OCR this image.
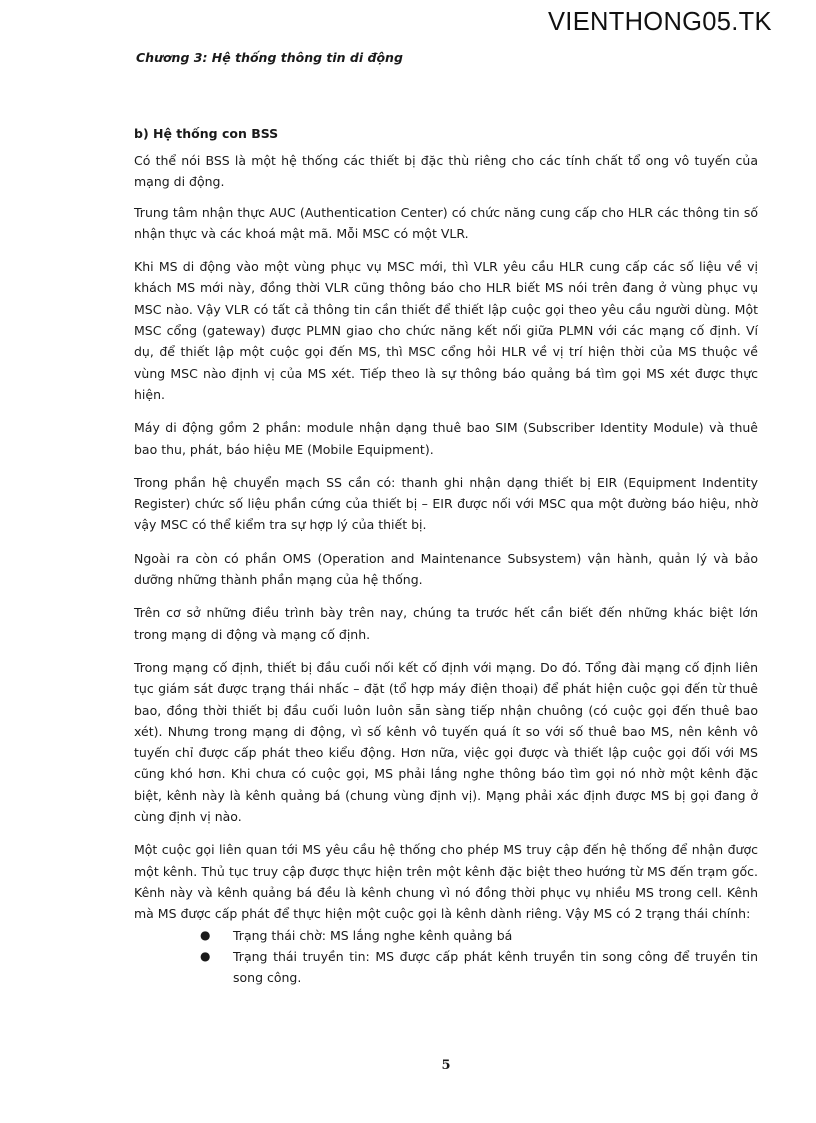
VIENTHONG05.TK
Chương 3: Hệ thống thông tin di động
b) Hệ thống con BSS

Có thể nói BSS là một hệ thống các thiết bị đặc thù riêng cho các tính chất tổ ong vô tuyến của mạng di động.

Trung tâm nhận thực AUC (Authentication Center) có chức năng cung cấp cho HLR các thông tin số nhận thực và các khoá mật mã. Mỗi MSC có một VLR.

Khi MS di động vào một vùng phục vụ MSC mới, thì VLR yêu cầu HLR cung cấp các số liệu về vị khách MS mới này, đồng thời VLR cũng thông báo cho HLR biết MS nói trên đang ở vùng phục vụ MSC nào. Vậy VLR có tất cả thông tin cần thiết để thiết lập cuộc gọi theo yêu cầu người dùng. Một MSC cổng (gateway) được PLMN giao cho chức năng kết nối giữa PLMN với các mạng cố định. Ví dụ, để thiết lập một cuộc gọi đến MS, thì MSC cổng hỏi HLR về vị trí hiện thời của MS thuộc về vùng MSC nào định vị của MS xét. Tiếp theo là sự thông báo quảng bá tìm gọi MS xét được thực hiện.

Máy di động gồm 2 phần: module nhận dạng thuê bao SIM (Subscriber Identity Module) và thuê bao thu, phát, báo hiệu ME (Mobile Equipment).

Trong phần hệ chuyển mạch SS cần có: thanh ghi nhận dạng thiết bị EIR (Equipment Indentity Register) chức số liệu phần cứng của thiết bị – EIR được nối với MSC qua một đường báo hiệu, nhờ vậy MSC có thể kiểm tra sự hợp lý của thiết bị.

Ngoài ra còn có phần OMS (Operation and Maintenance Subsystem) vận hành, quản lý và bảo dưỡng những thành phần mạng của hệ thống.

Trên cơ sở những điều trình bày trên nay, chúng ta trước hết cần biết đến những khác biệt lớn trong mạng di động và mạng cố định.

Trong mạng cố định, thiết bị đầu cuối nối kết cố định với mạng. Do đó. Tổng đài mạng cố định liên tục giám sát được trạng thái nhấc – đặt (tổ hợp máy điện thoại) để phát hiện cuộc gọi đến từ thuê bao, đồng thời thiết bị đầu cuối luôn luôn sẵn sàng tiếp nhận chuông (có cuộc gọi đến thuê bao xét). Nhưng trong mạng di động, vì số kênh vô tuyến quá ít so với số thuê bao MS, nên kênh vô tuyến chỉ được cấp phát theo kiểu động. Hơn nữa, việc gọi được và thiết lập cuộc gọi đối với MS cũng khó hơn. Khi chưa có cuộc gọi, MS phải lắng nghe thông báo tìm gọi nó nhờ một kênh đặc biệt, kênh này là kênh quảng bá (chung vùng định vị). Mạng phải xác định được MS bị gọi đang ở cùng định vị nào.

Một cuộc gọi liên quan tới MS yêu cầu hệ thống cho phép MS truy cập đến hệ thống để nhận được một kênh. Thủ tục truy cập được thực hiện trên một kênh đặc biệt theo hướng từ MS đến trạm gốc. Kênh này và kênh quảng bá đều là kênh chung vì nó đồng thời phục vụ nhiều MS trong cell. Kênh mà MS được cấp phát để thực hiện một cuộc gọi là kênh dành riêng. Vậy MS có 2 trạng thái chính:

● Trạng thái chờ: MS lắng nghe kênh quảng bá
● Trạng thái truyền tin: MS được cấp phát kênh truyền tin song công để truyền tin song công.
5
